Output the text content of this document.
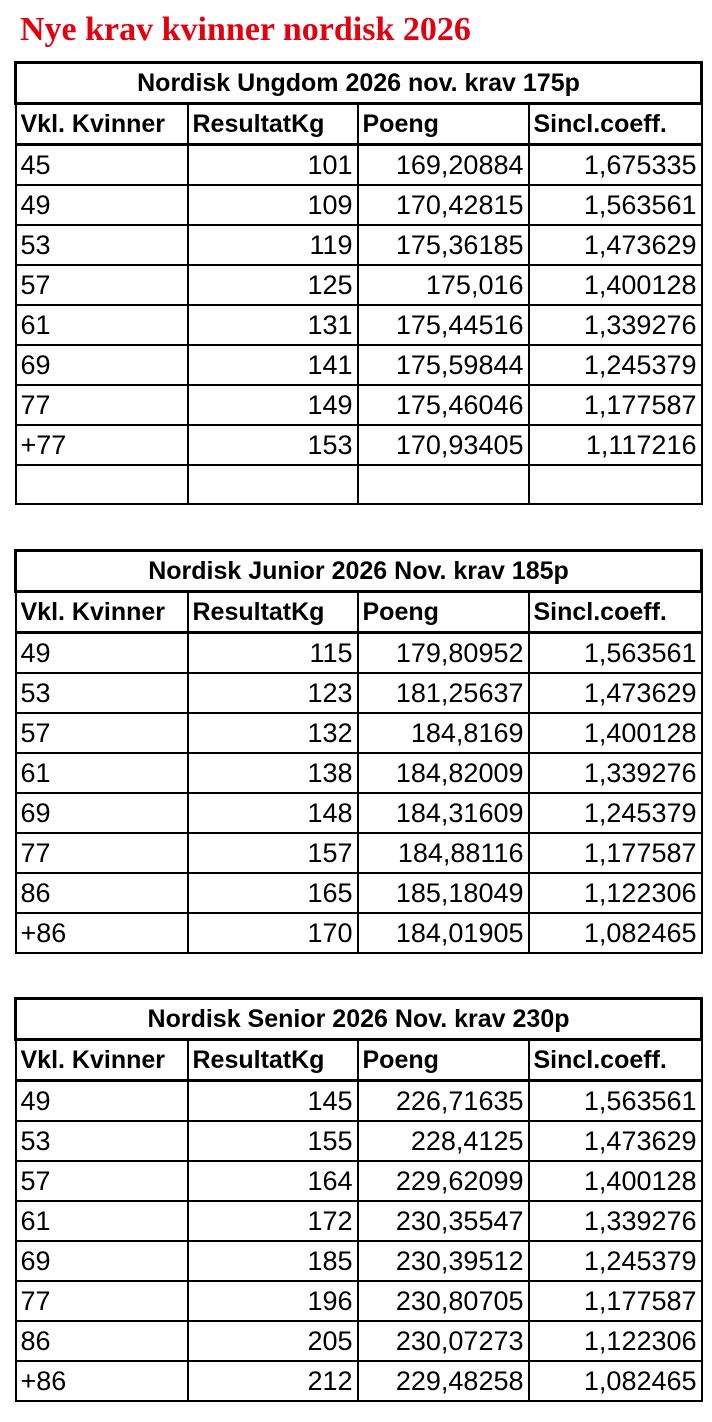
Nye krav kvinner nordisk 2026
Nordisk Ungdom 2026 nov. krav 175p			
Vkl. Kvinner	ResultatKg	Poeng	Sincl.coeff.
45	101	169,20884	1,675335
49	109	170,42815	1,563561
53	119	175,36185	1,473629
57	125	175,016	1,400128
61	131	175,44516	1,339276
69	141	175,59844	1,245379
77	149	175,46046	1,177587
+77	153	170,93405	1,117216

Nordisk Junior 2026 Nov. krav 185p			
Vkl. Kvinner	ResultatKg	Poeng	Sincl.coeff.
49	115	179,80952	1,563561
53	123	181,25637	1,473629
57	132	184,8169	1,400128
61	138	184,82009	1,339276
69	148	184,31609	1,245379
77	157	184,88116	1,177587
86	165	185,18049	1,122306
+86	170	184,01905	1,082465
Nordisk Senior 2026 Nov. krav 230p			
Vkl. Kvinner	ResultatKg	Poeng	Sincl.coeff.
49	145	226,71635	1,563561
53	155	228,4125	1,473629
57	164	229,62099	1,400128
61	172	230,35547	1,339276
69	185	230,39512	1,245379
77	196	230,80705	1,177587
86	205	230,07273	1,122306
+86	212	229,48258	1,082465
